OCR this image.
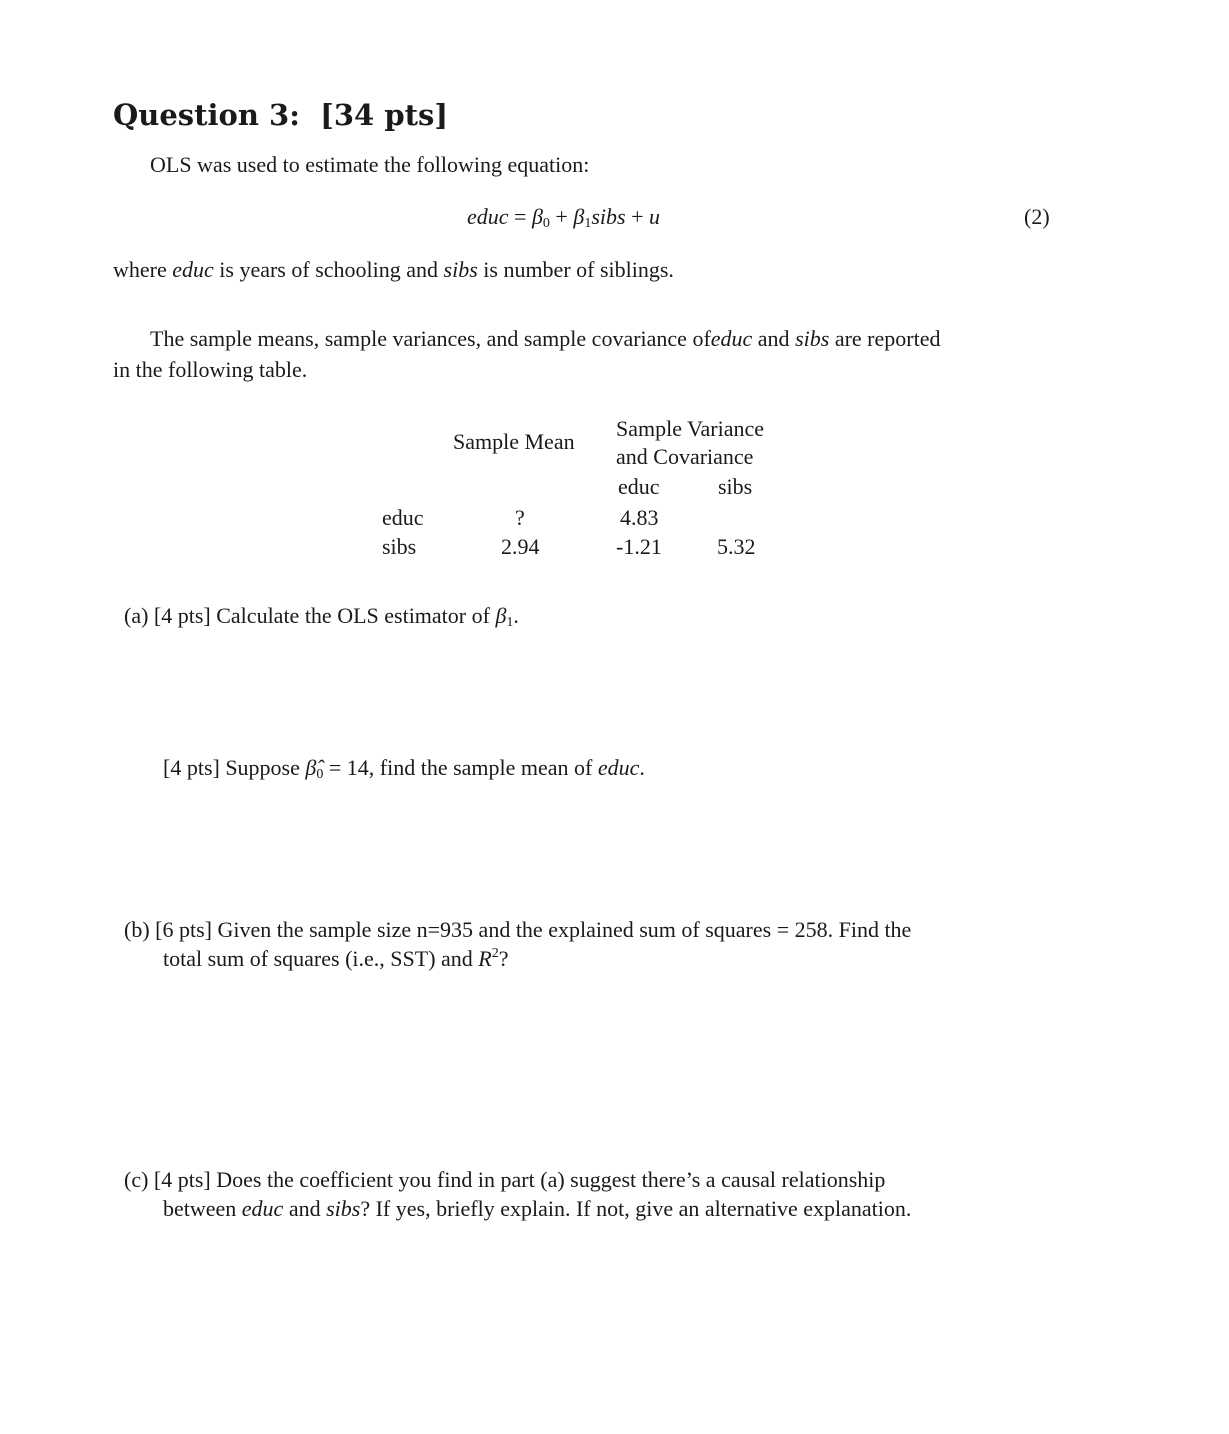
Question 3: [34 pts]
OLS was used to estimate the following equation:
educ = $\beta_0$ + $\beta_1sibs + u$	(2)
where educ is years of schooling and sibs is number of siblings.
The sample means, sample variances, and sample covariance ofeduc and sibs are reported
in the following table.
Sample Mean
Sample Variance
and Covariance
educ	sibs
educ	?	4.83
sibs	2.94	-1.21	5.32
(a) [4 pts] Calculate the OLS estimator of $\beta_1$.
[4 pts] Suppose $\betâ_0 = 14$, find the sample mean of educ.
(b) [6 pts] Given the sample size n=935 and the explained sum of squares = 258. Find the
total sum of squares (i.e., SST) and $R^2$?
(c) [4 pts] Does the coefficient you find in part (a) suggest there’s a causal relationship
between educ and sibs? If yes, briefly explain. If not, give an alternative explanation.
